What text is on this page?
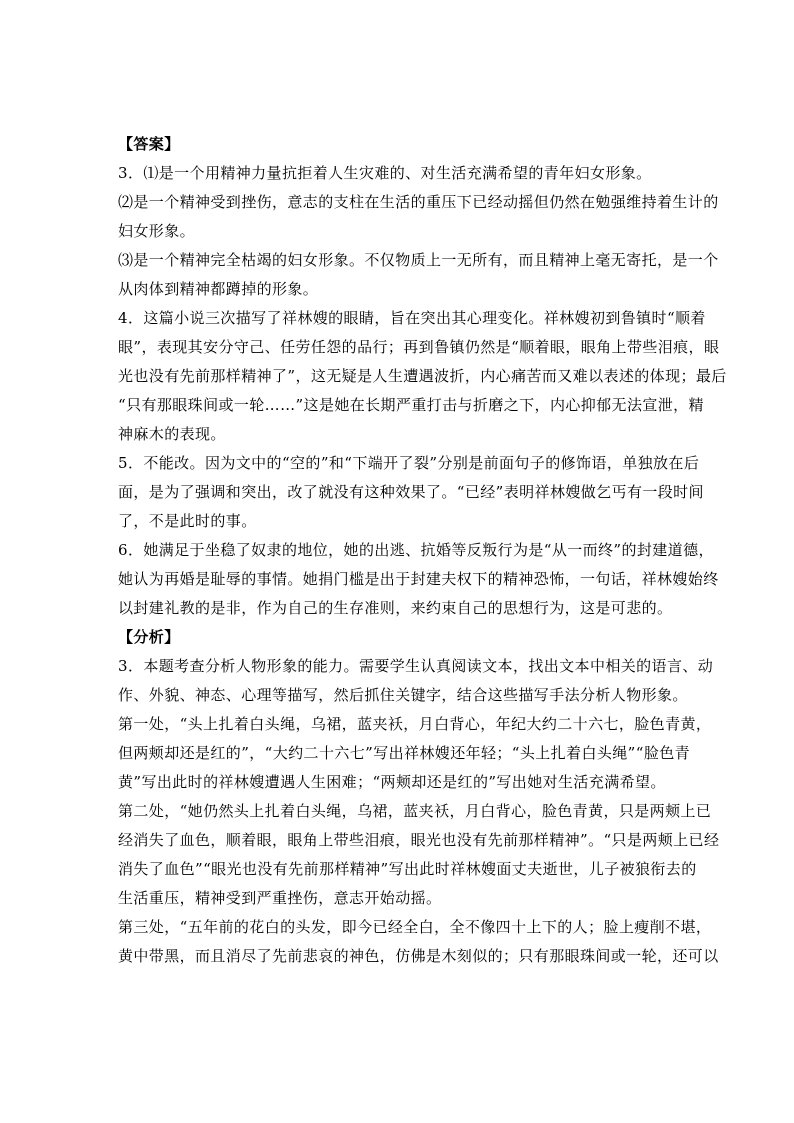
【答案】
3．⑴是一个用精神力量抗拒着人生灾难的、对生活充满希望的青年妇女形象。
⑵是一个精神受到挫伤，意志的支柱在生活的重压下已经动摇但仍然在勉强维持着生计的
妇女形象。
⑶是一个精神完全枯竭的妇女形象。不仅物质上一无所有，而且精神上毫无寄托，是一个
从肉体到精神都蹲掉的形象。
4．这篇小说三次描写了祥林嫂的眼睛，旨在突出其心理变化。祥林嫂初到鲁镇时“顺着
眼”，表现其安分守己、任劳任怨的品行；再到鲁镇仍然是“顺着眼，眼角上带些泪痕，眼
光也没有先前那样精神了”，这无疑是人生遭遇波折，内心痛苦而又难以表述的体现；最后
“只有那眼珠间或一轮……”这是她在长期严重打击与折磨之下，内心抑郁无法宣泄，精
神麻木的表现。
5．不能改。因为文中的“空的”和“下端开了裂”分别是前面句子的修饰语，单独放在后
面，是为了强调和突出，改了就没有这种效果了。“已经”表明祥林嫂做乞丐有一段时间
了，不是此时的事。
6．她满足于坐稳了奴隶的地位，她的出逃、抗婚等反叛行为是“从一而终”的封建道德，
她认为再婚是耻辱的事情。她捐门槛是出于封建夫权下的精神恐怖，一句话，祥林嫂始终
以封建礼教的是非，作为自己的生存准则，来约束自己的思想行为，这是可悲的。
【分析】
3．本题考查分析人物形象的能力。需要学生认真阅读文本，找出文本中相关的语言、动
作、外貌、神态、心理等描写，然后抓住关键字，结合这些描写手法分析人物形象。
第一处，“头上扎着白头绳，乌裙，蓝夹袄，月白背心，年纪大约二十六七，脸色青黄，
但两颊却还是红的”，“大约二十六七”写出祥林嫂还年轻；“头上扎着白头绳”“脸色青
黄”写出此时的祥林嫂遭遇人生困难；“两颊却还是红的”写出她对生活充满希望。
第二处，“她仍然头上扎着白头绳，乌裙，蓝夹袄，月白背心，脸色青黄，只是两颊上已
经消失了血色，顺着眼，眼角上带些泪痕，眼光也没有先前那样精神”。“只是两颊上已经
消失了血色”“眼光也没有先前那样精神”写出此时祥林嫂面丈夫逝世，儿子被狼衔去的
生活重压，精神受到严重挫伤，意志开始动摇。
第三处，“五年前的花白的头发，即今已经全白，全不像四十上下的人；脸上瘦削不堪，
黄中带黑，而且消尽了先前悲哀的神色，仿佛是木刻似的；只有那眼珠间或一轮，还可以
